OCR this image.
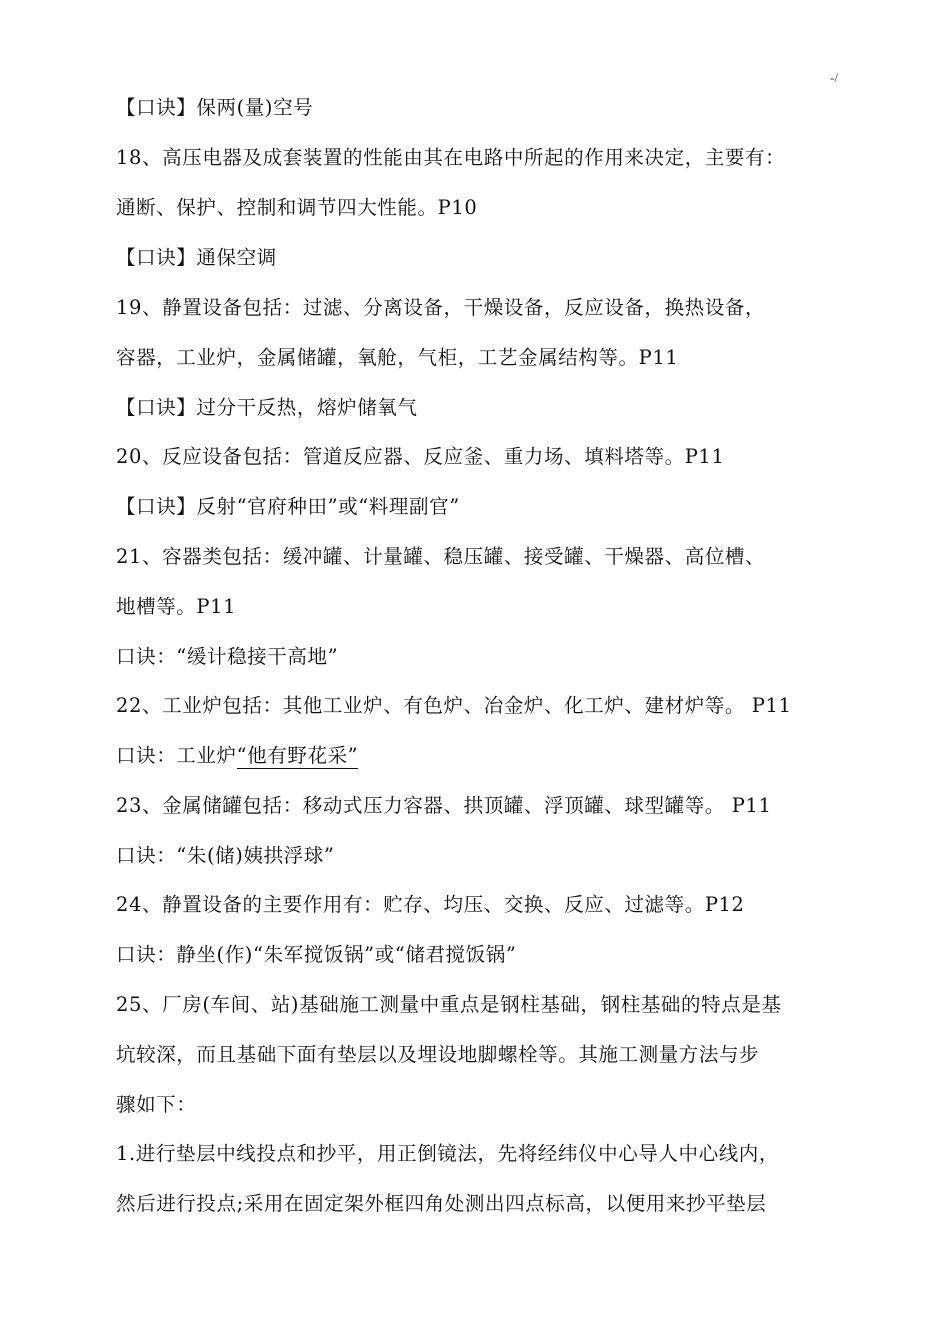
-/
【口诀】保两(量)空号
18、高压电器及成套装置的性能由其在电路中所起的作用来决定，主要有：
通断、保护、控制和调节四大性能。P10
【口诀】通保空调
19、静置设备包括：过滤、分离设备，干燥设备，反应设备，换热设备，
容器，工业炉，金属储罐，氧舱，气柜，工艺金属结构等。P11
【口诀】过分干反热，熔炉储氧气
20、反应设备包括：管道反应器、反应釜、重力场、填料塔等。P11
【口诀】反射“官府种田”或“料理副官”
21、容器类包括：缓冲罐、计量罐、稳压罐、接受罐、干燥器、高位槽、
地槽等。P11
口诀：“缓计稳接干高地”
22、工业炉包括：其他工业炉、有色炉、冶金炉、化工炉、建材炉等。 P11
口诀：工业炉“他有野花采”
23、金属储罐包括：移动式压力容器、拱顶罐、浮顶罐、球型罐等。 P11
口诀：“朱(储)姨拱浮球”
24、静置设备的主要作用有：贮存、均压、交换、反应、过滤等。P12
口诀：静坐(作)“朱军搅饭锅”或“储君搅饭锅”
25、厂房(车间、站)基础施工测量中重点是钢柱基础，钢柱基础的特点是基
坑较深，而且基础下面有垫层以及埋设地脚螺栓等。其施工测量方法与步
骤如下：
1.进行垫层中线投点和抄平，用正倒镜法，先将经纬仪中心导人中心线内，
然后进行投点;采用在固定架外框四角处测出四点标高，以便用来抄平垫层
